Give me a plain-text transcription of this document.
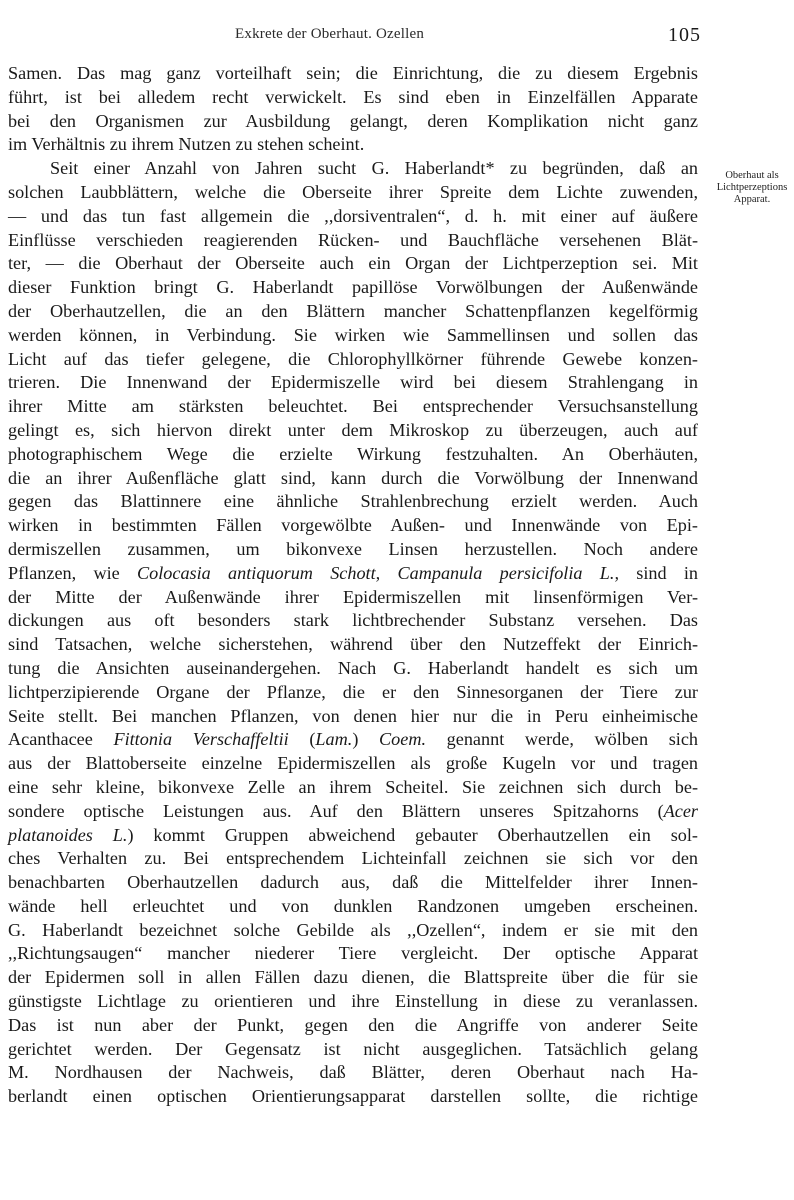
Exkrete der Oberhaut. Ozellen	105
Oberhaut als
Lichtperzeptions
Apparat.
Samen. Das mag ganz vorteilhaft sein; die Einrichtung, die zu diesem Ergebnis
führt, ist bei alledem recht verwickelt. Es sind eben in Einzelfällen Apparate
bei den Organismen zur Ausbildung gelangt, deren Komplikation nicht ganz
im Verhältnis zu ihrem Nutzen zu stehen scheint.
Seit einer Anzahl von Jahren sucht G. Haberlandt* zu begründen, daß an
solchen Laubblättern, welche die Oberseite ihrer Spreite dem Lichte zuwenden,
— und das tun fast allgemein die ,,dorsiventralen“, d. h. mit einer auf äußere
Einflüsse verschieden reagierenden Rücken- und Bauchfläche versehenen Blät-
ter, — die Oberhaut der Oberseite auch ein Organ der Lichtperzeption sei. Mit
dieser Funktion bringt G. Haberlandt papillöse Vorwölbungen der Außenwände
der Oberhautzellen, die an den Blättern mancher Schattenpflanzen kegelförmig
werden können, in Verbindung. Sie wirken wie Sammellinsen und sollen das
Licht auf das tiefer gelegene, die Chlorophyllkörner führende Gewebe konzen-
trieren. Die Innenwand der Epidermiszelle wird bei diesem Strahlengang in
ihrer Mitte am stärksten beleuchtet. Bei entsprechender Versuchsanstellung
gelingt es, sich hiervon direkt unter dem Mikroskop zu überzeugen, auch auf
photographischem Wege die erzielte Wirkung festzuhalten. An Oberhäuten,
die an ihrer Außenfläche glatt sind, kann durch die Vorwölbung der Innenwand
gegen das Blattinnere eine ähnliche Strahlenbrechung erzielt werden. Auch
wirken in bestimmten Fällen vorgewölbte Außen- und Innenwände von Epi-
dermiszellen zusammen, um bikonvexe Linsen herzustellen. Noch andere
Pflanzen, wie Colocasia antiquorum Schott, Campanula persicifolia L., sind in
der Mitte der Außenwände ihrer Epidermiszellen mit linsenförmigen Ver-
dickungen aus oft besonders stark lichtbrechender Substanz versehen. Das
sind Tatsachen, welche sicherstehen, während über den Nutzeffekt der Einrich-
tung die Ansichten auseinandergehen. Nach G. Haberlandt handelt es sich um
lichtperzipierende Organe der Pflanze, die er den Sinnesorganen der Tiere zur
Seite stellt. Bei manchen Pflanzen, von denen hier nur die in Peru einheimische
Acanthacee Fittonia Verschaffeltii (Lam.) Coem. genannt werde, wölben sich
aus der Blattoberseite einzelne Epidermiszellen als große Kugeln vor und tragen
eine sehr kleine, bikonvexe Zelle an ihrem Scheitel. Sie zeichnen sich durch be-
sondere optische Leistungen aus. Auf den Blättern unseres Spitzahorns (Acer
platanoides L.) kommt Gruppen abweichend gebauter Oberhautzellen ein sol-
ches Verhalten zu. Bei entsprechendem Lichteinfall zeichnen sie sich vor den
benachbarten Oberhautzellen dadurch aus, daß die Mittelfelder ihrer Innen-
wände hell erleuchtet und von dunklen Randzonen umgeben erscheinen.
G. Haberlandt bezeichnet solche Gebilde als ,,Ozellen“, indem er sie mit den
,,Richtungsaugen“ mancher niederer Tiere vergleicht. Der optische Apparat
der Epidermen soll in allen Fällen dazu dienen, die Blattspreite über die für sie
günstigste Lichtlage zu orientieren und ihre Einstellung in diese zu veranlassen.
Das ist nun aber der Punkt, gegen den die Angriffe von anderer Seite
gerichtet werden. Der Gegensatz ist nicht ausgeglichen. Tatsächlich gelang
M. Nordhausen der Nachweis, daß Blätter, deren Oberhaut nach Ha-
berlandt einen optischen Orientierungsapparat darstellen sollte, die richtige
